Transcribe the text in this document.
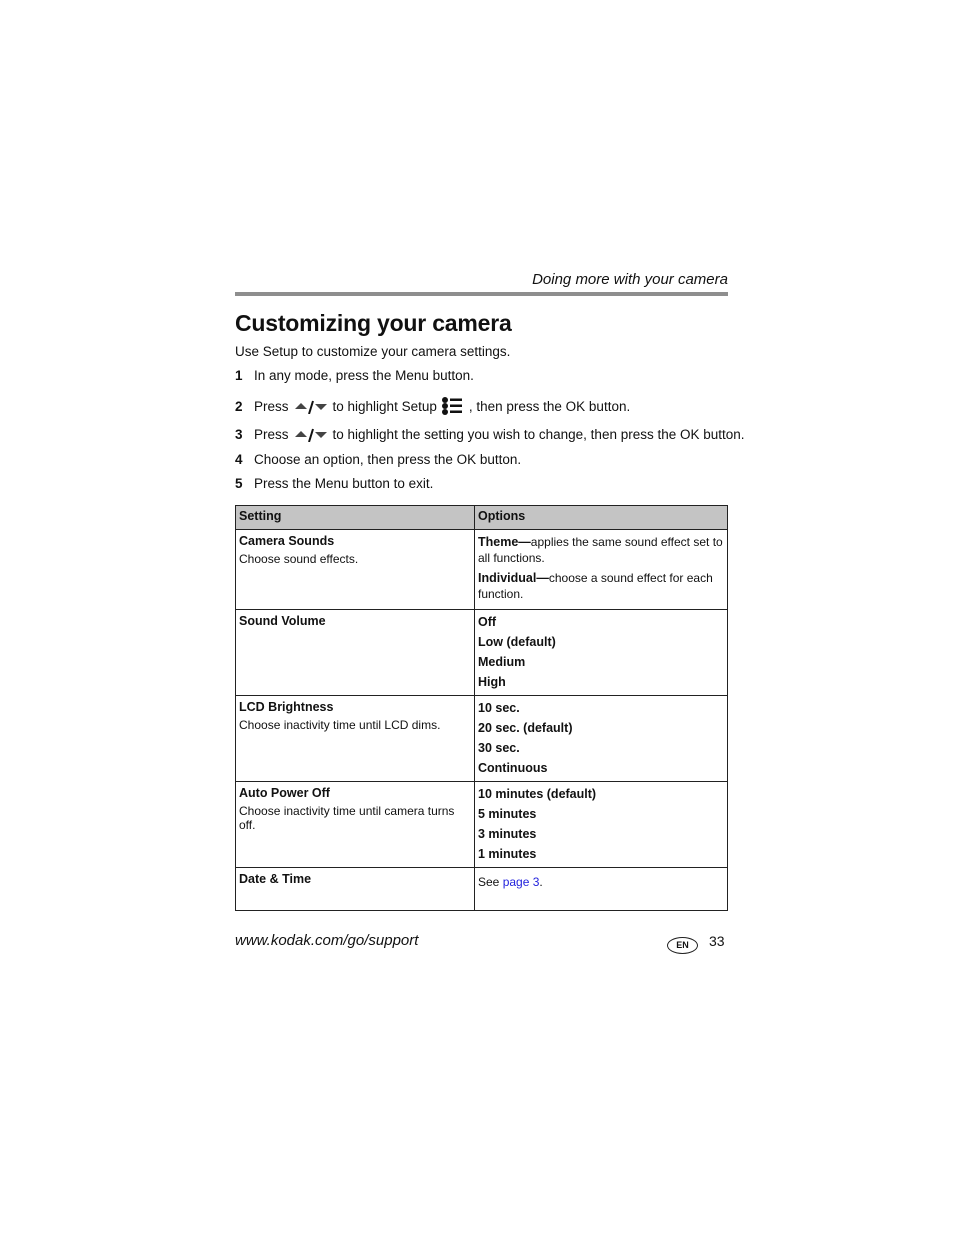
Doing more with your camera
Customizing your camera

Use Setup to customize your camera settings.

1 In any mode, press the Menu button.
2 Press	to highlight Setup , then press the OK button.
3 Press	to highlight the setting you wish to change, then press the OK button.
4 Choose an option, then press the OK button.
5 Press the Menu button to exit.
Setting	Options

Camera Sounds
Choose sound effects.	Theme—applies the same sound effect set to all functions.
Individual—choose a sound effect for each function.

Sound Volume	Off
Low (default)
Medium
High

LCD Brightness
Choose inactivity time until LCD dims.	10 sec.
20 sec. (default)
30 sec.
Continuous

Auto Power Off
Choose inactivity time until camera turns off.	10 minutes (default)
5 minutes
3 minutes
1 minutes

Date & Time	See page 3.
www.kodak.com/go/support	EN	33
